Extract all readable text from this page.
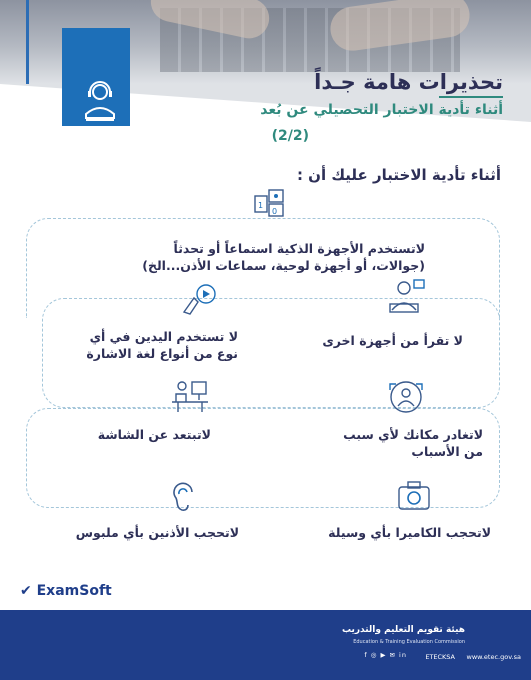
تحذيرات هامة جـداً
أثناء تأدية الاختبار التحصيلي عن بُعد
(2/2)
أثناء تأدية الاختبار عليك أن :
1
0
لاتستخدم الأجهزة الذكية استماعاً أو تحدثاً
(جوالات، أو أجهزة لوحية، سماعات الأذن...الخ)
لا تقرأ من أجهزة اخرى
لا تستخدم اليدين في أي
نوع من أنواع لغة الاشارة
لاتغادر مكانك لأي سبب
من الأسباب
لاتبتعد عن الشاشة
لاتحجب الكاميرا بأي وسيلة
لاتحجب الأذنين بأي ملبوس
✔ ExamSoft
هيئة تقويم التعليم والتدريب
Education & Training Evaluation Commission
f ◎ ▶ ✉ in	ETECKSA www.etec.gov.sa
